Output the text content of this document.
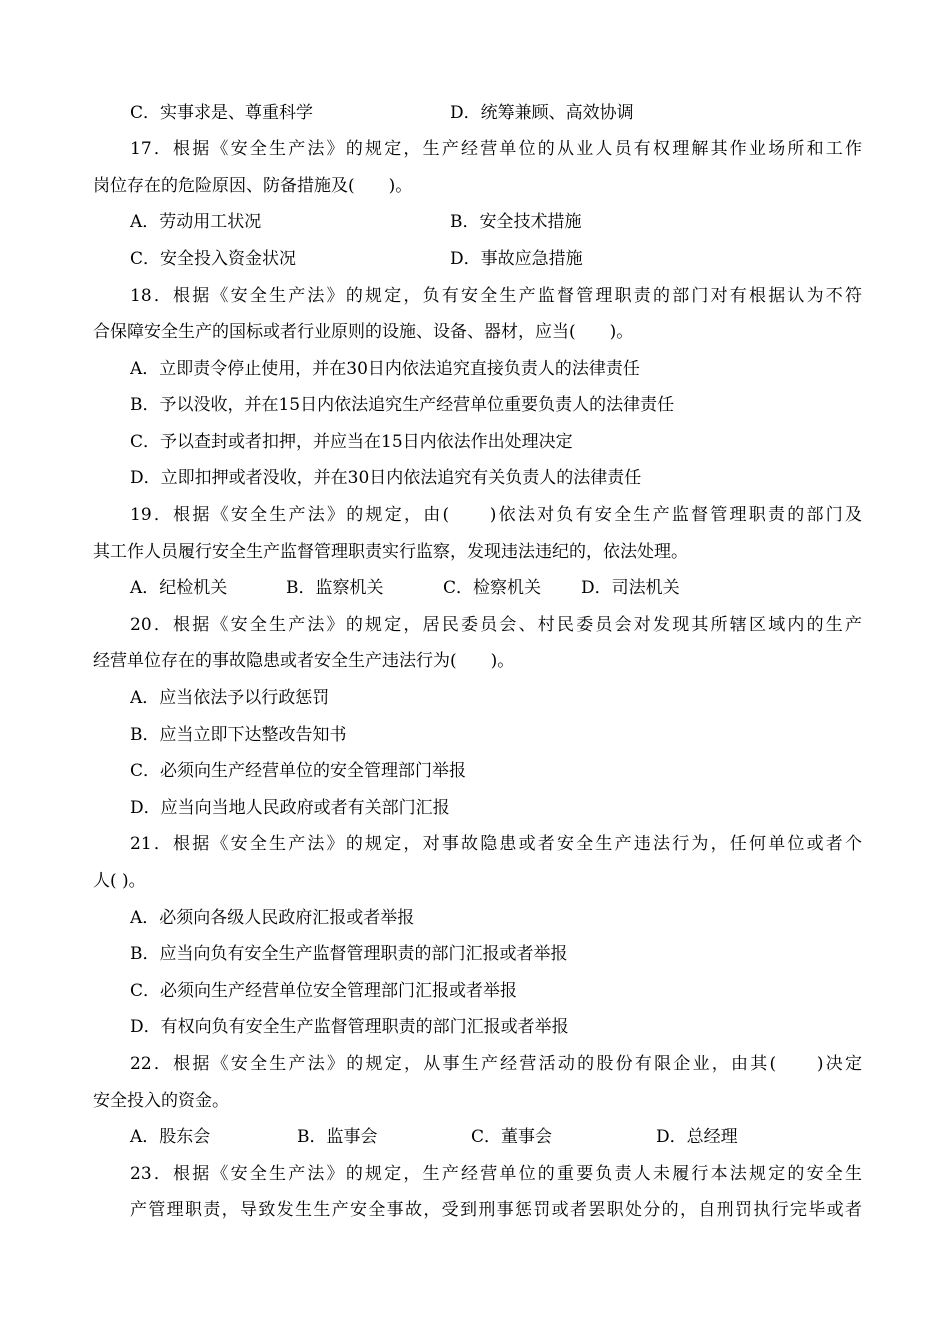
C．实事求是、尊重科学	D．统筹兼顾、高效协调
17．根据《安全生产法》的规定，生产经营单位的从业人员有权理解其作业场所和工作
岗位存在的危险原因、防备措施及(　　)。
A．劳动用工状况	B．安全技术措施
C．安全投入资金状况	D．事故应急措施
18．根据《安全生产法》的规定，负有安全生产监督管理职责的部门对有根据认为不符
合保障安全生产的国标或者行业原则的设施、设备、器材，应当(　　)。
A．立即责令停止使用，并在30日内依法追究直接负责人的法律责任
B．予以没收，并在15日内依法追究生产经营单位重要负责人的法律责任
C．予以查封或者扣押，并应当在15日内依法作出处理决定
D．立即扣押或者没收，并在30日内依法追究有关负责人的法律责任
19．根据《安全生产法》的规定，由(　　)依法对负有安全生产监督管理职责的部门及
其工作人员履行安全生产监督管理职责实行监察，发现违法违纪的，依法处理。
A．纪检机关	B．监察机关	C．检察机关 D．司法机关
20．根据《安全生产法》的规定，居民委员会、村民委员会对发现其所辖区域内的生产
经营单位存在的事故隐患或者安全生产违法行为(　　)。
A．应当依法予以行政惩罚
B．应当立即下达整改告知书
C．必须向生产经营单位的安全管理部门举报
D．应当向当地人民政府或者有关部门汇报
21．根据《安全生产法》的规定，对事故隐患或者安全生产违法行为，任何单位或者个
人( )。
A．必须向各级人民政府汇报或者举报
B．应当向负有安全生产监督管理职责的部门汇报或者举报
C．必须向生产经营单位安全管理部门汇报或者举报
D．有权向负有安全生产监督管理职责的部门汇报或者举报
22．根据《安全生产法》的规定，从事生产经营活动的股份有限企业，由其(　　)决定
安全投入的资金。
A．股东会	B．监事会	C．董事会	D．总经理
23．根据《安全生产法》的规定，生产经营单位的重要负责人未履行本法规定的安全生
产管理职责，导致发生生产安全事故，受到刑事惩罚或者罢职处分的，自刑罚执行完毕或者
